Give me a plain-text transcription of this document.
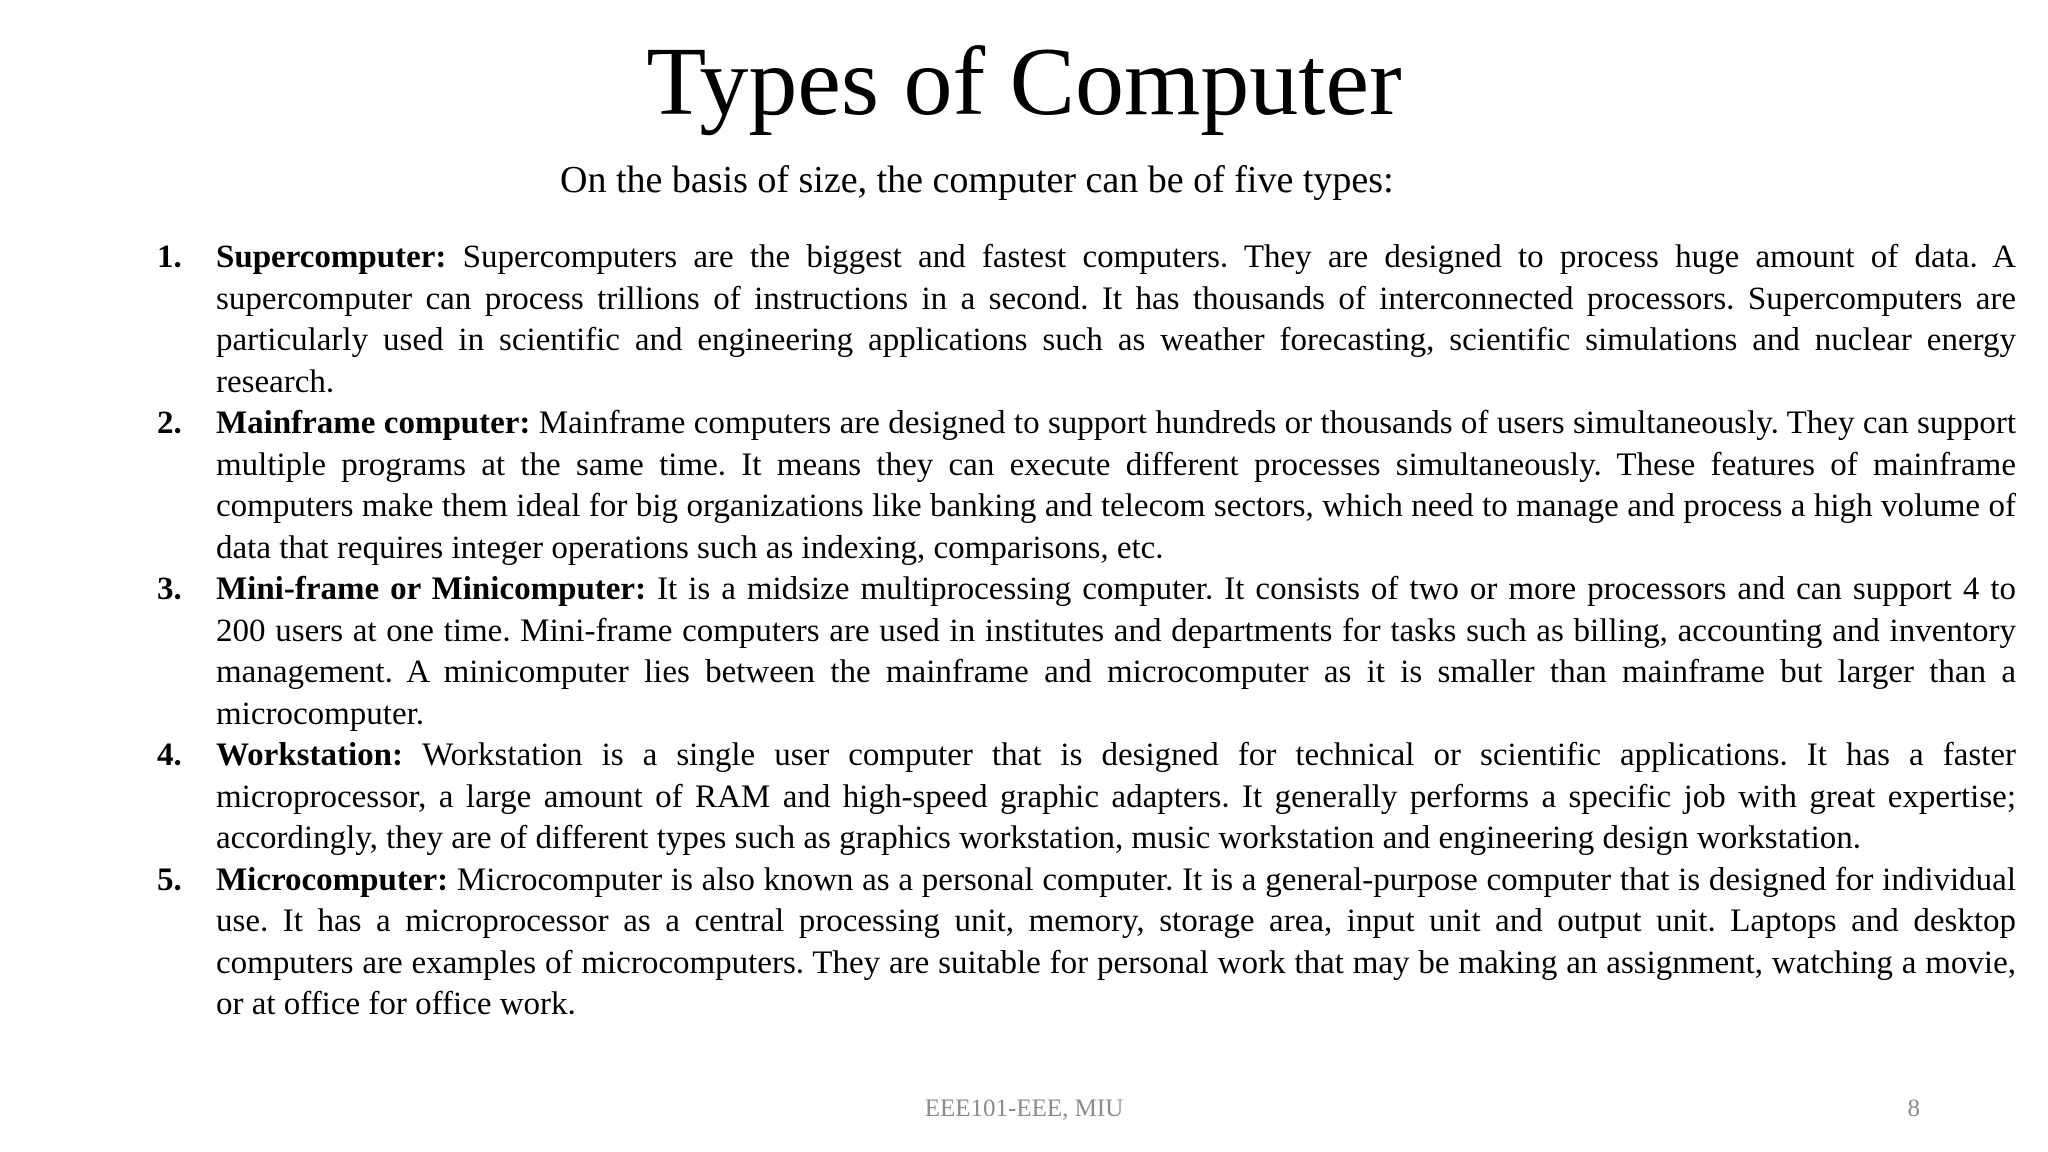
Types of Computer

On the basis of size, the computer can be of five types:

1. Supercomputer: Supercomputers are the biggest and fastest computers. They are designed to process huge amount of data. A supercomputer can process trillions of instructions in a second. It has thousands of interconnected processors. Supercomputers are particularly used in scientific and engineering applications such as weather forecasting, scientific simulations and nuclear energy research.
2. Mainframe computer: Mainframe computers are designed to support hundreds or thousands of users simultaneously. They can support multiple programs at the same time. It means they can execute different processes simultaneously. These features of mainframe computers make them ideal for big organizations like banking and telecom sectors, which need to manage and process a high volume of data that requires integer operations such as indexing, comparisons, etc.
3. Mini-frame or Minicomputer: It is a midsize multiprocessing computer. It consists of two or more processors and can support 4 to 200 users at one time. Mini-frame computers are used in institutes and departments for tasks such as billing, accounting and inventory management. A minicomputer lies between the mainframe and microcomputer as it is smaller than mainframe but larger than a microcomputer.
4. Workstation: Workstation is a single user computer that is designed for technical or scientific applications. It has a faster microprocessor, a large amount of RAM and high-speed graphic adapters. It generally performs a specific job with great expertise; accordingly, they are of different types such as graphics workstation, music workstation and engineering design workstation.
5. Microcomputer: Microcomputer is also known as a personal computer. It is a general-purpose computer that is designed for individual use. It has a microprocessor as a central processing unit, memory, storage area, input unit and output unit. Laptops and desktop computers are examples of microcomputers. They are suitable for personal work that may be making an assignment, watching a movie, or at office for office work.
EEE101-EEE, MIU	8
